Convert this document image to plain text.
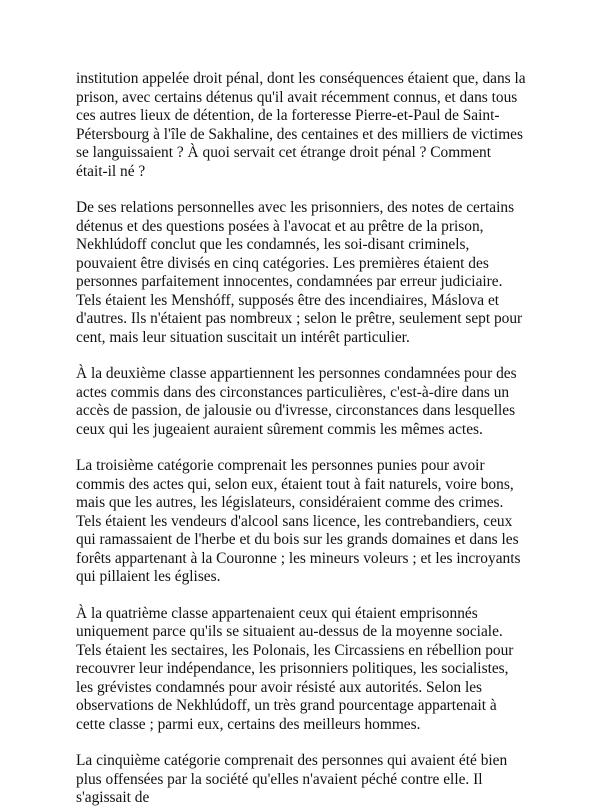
institution appelée droit pénal, dont les conséquences étaient que, dans la prison, avec certains détenus qu'il avait récemment connus, et dans tous ces autres lieux de détention, de la forteresse Pierre-et-Paul de Saint-Pétersbourg à l'île de Sakhaline, des centaines et des milliers de victimes se languissaient ? À quoi servait cet étrange droit pénal ? Comment était-il né ?

De ses relations personnelles avec les prisonniers, des notes de certains détenus et des questions posées à l'avocat et au prêtre de la prison, Nekhlúdoff conclut que les condamnés, les soi-disant criminels, pouvaient être divisés en cinq catégories. Les premières étaient des personnes parfaitement innocentes, condamnées par erreur judiciaire. Tels étaient les Menshóff, supposés être des incendiaires, Máslova et d'autres. Ils n'étaient pas nombreux ; selon le prêtre, seulement sept pour cent, mais leur situation suscitait un intérêt particulier.

À la deuxième classe appartiennent les personnes condamnées pour des actes commis dans des circonstances particulières, c'est-à-dire dans un accès de passion, de jalousie ou d'ivresse, circonstances dans lesquelles ceux qui les jugeaient auraient sûrement commis les mêmes actes.

La troisième catégorie comprenait les personnes punies pour avoir commis des actes qui, selon eux, étaient tout à fait naturels, voire bons, mais que les autres, les législateurs, considéraient comme des crimes. Tels étaient les vendeurs d'alcool sans licence, les contrebandiers, ceux qui ramassaient de l'herbe et du bois sur les grands domaines et dans les forêts appartenant à la Couronne ; les mineurs voleurs ; et les incroyants qui pillaient les églises.

À la quatrième classe appartenaient ceux qui étaient emprisonnés uniquement parce qu'ils se situaient au-dessus de la moyenne sociale. Tels étaient les sectaires, les Polonais, les Circassiens en rébellion pour recouvrer leur indépendance, les prisonniers politiques, les socialistes, les grévistes condamnés pour avoir résisté aux autorités. Selon les observations de Nekhlúdoff, un très grand pourcentage appartenait à cette classe ; parmi eux, certains des meilleurs hommes.

La cinquième catégorie comprenait des personnes qui avaient été bien plus offensées par la société qu'elles n'avaient péché contre elle. Il s'agissait de
